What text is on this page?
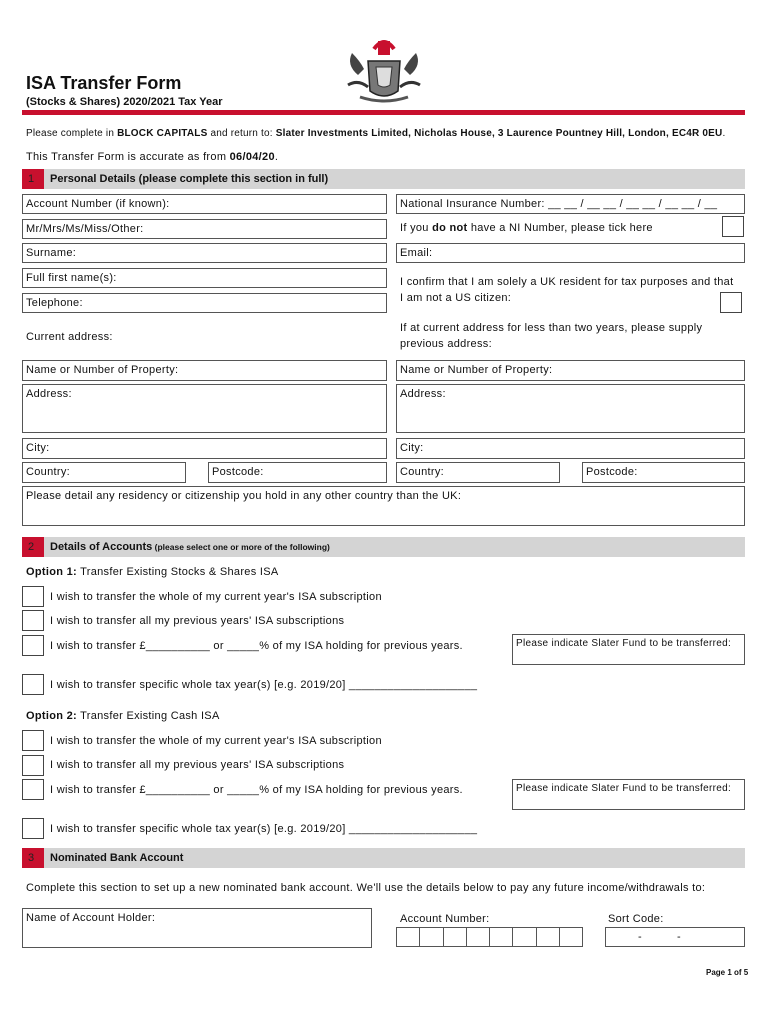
ISA Transfer Form
(Stocks & Shares) 2020/2021 Tax Year
Please complete in BLOCK CAPITALS and return to: Slater Investments Limited, Nicholas House, 3 Laurence Pountney Hill, London, EC4R 0EU.
This Transfer Form is accurate as from 06/04/20.
1	Personal Details (please complete this section in full)
Account Number (if known):	National Insurance Number: __ __ / __ __ / __ __ / __ __ / __
Mr/Mrs/Ms/Miss/Other:	If you do not have a NI Number, please tick here
Surname:	Email:
Full first name(s):	I confirm that I am solely a UK resident for tax purposes and that
I am not a US citizen:
Telephone:
Current address:
If at current address for less than two years, please supply
previous address:
Name or Number of Property:	Name or Number of Property:
Address:	Address:
City:	City:
Country:	Postcode:	Country:	Postcode:
Please detail any residency or citizenship you hold in any other country than the UK:
2	Details of Accounts (please select one or more of the following)
Option 1: Transfer Existing Stocks & Shares ISA
I wish to transfer the whole of my current year's ISA subscription
I wish to transfer all my previous years' ISA subscriptions
I wish to transfer £__________ or _____% of my ISA holding for previous years.	Please indicate Slater Fund to be transferred:
I wish to transfer specific whole tax year(s) [e.g. 2019/20] ____________________
Option 2: Transfer Existing Cash ISA
I wish to transfer the whole of my current year's ISA subscription
I wish to transfer all my previous years' ISA subscriptions
I wish to transfer £__________ or _____% of my ISA holding for previous years.	Please indicate Slater Fund to be transferred:
I wish to transfer specific whole tax year(s) [e.g. 2019/20] ____________________
3	Nominated Bank Account
Complete this section to set up a new nominated bank account. We'll use the details below to pay any future income/withdrawals to:
Name of Account Holder:	Account Number:	Sort Code:
-	-
Page 1 of 5
